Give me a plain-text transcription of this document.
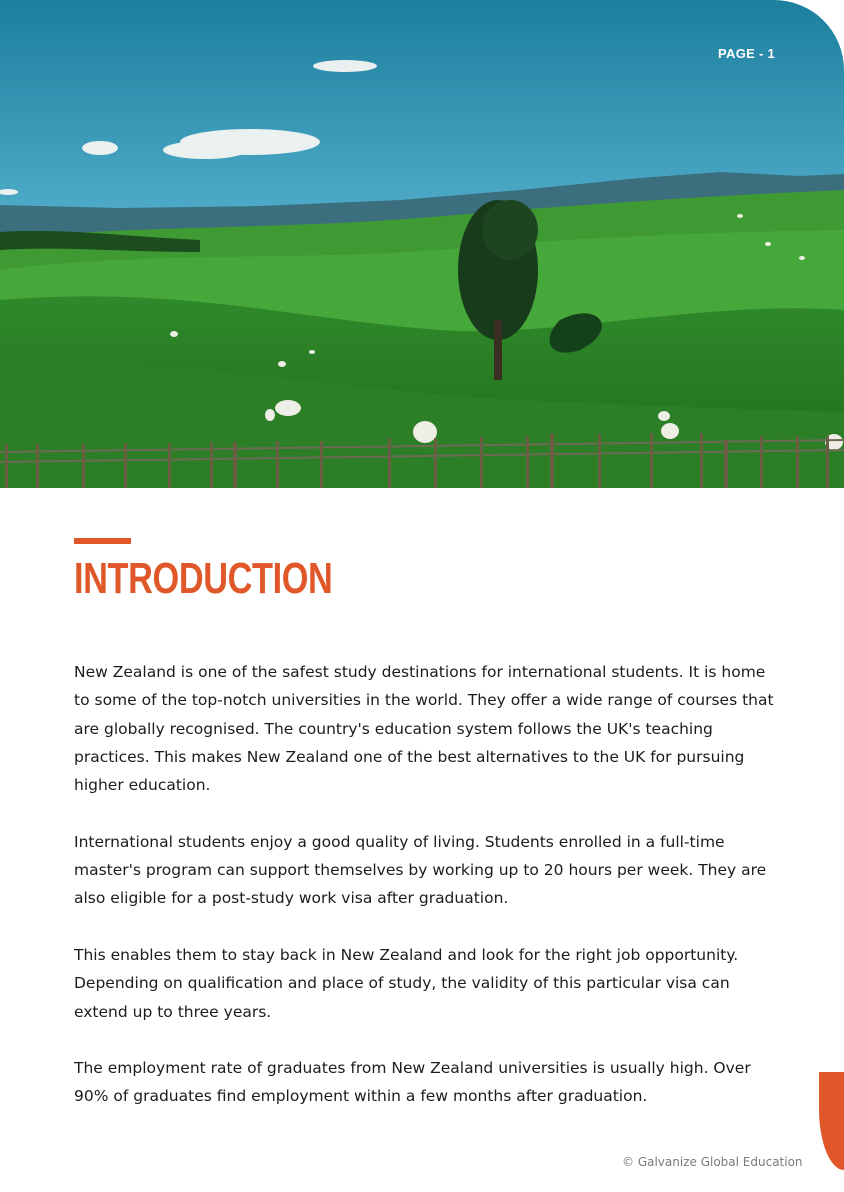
PAGE - 1
INTRODUCTION

New Zealand is one of the safest study destinations for international students. It is home to some of the top-notch universities in the world. They offer a wide range of courses that are globally recognised. The country's education system follows the UK's teaching practices. This makes New Zealand one of the best alternatives to the UK for pursuing higher education.

International students enjoy a good quality of living. Students enrolled in a full-time master's program can support themselves by working up to 20 hours per week. They are also eligible for a post-study work visa after graduation.

This enables them to stay back in New Zealand and look for the right job opportunity. Depending on qualification and place of study, the validity of this particular visa can extend up to three years.

The employment rate of graduates from New Zealand universities is usually high. Over 90% of graduates find employment within a few months after graduation.

© Galvanize Global Education
